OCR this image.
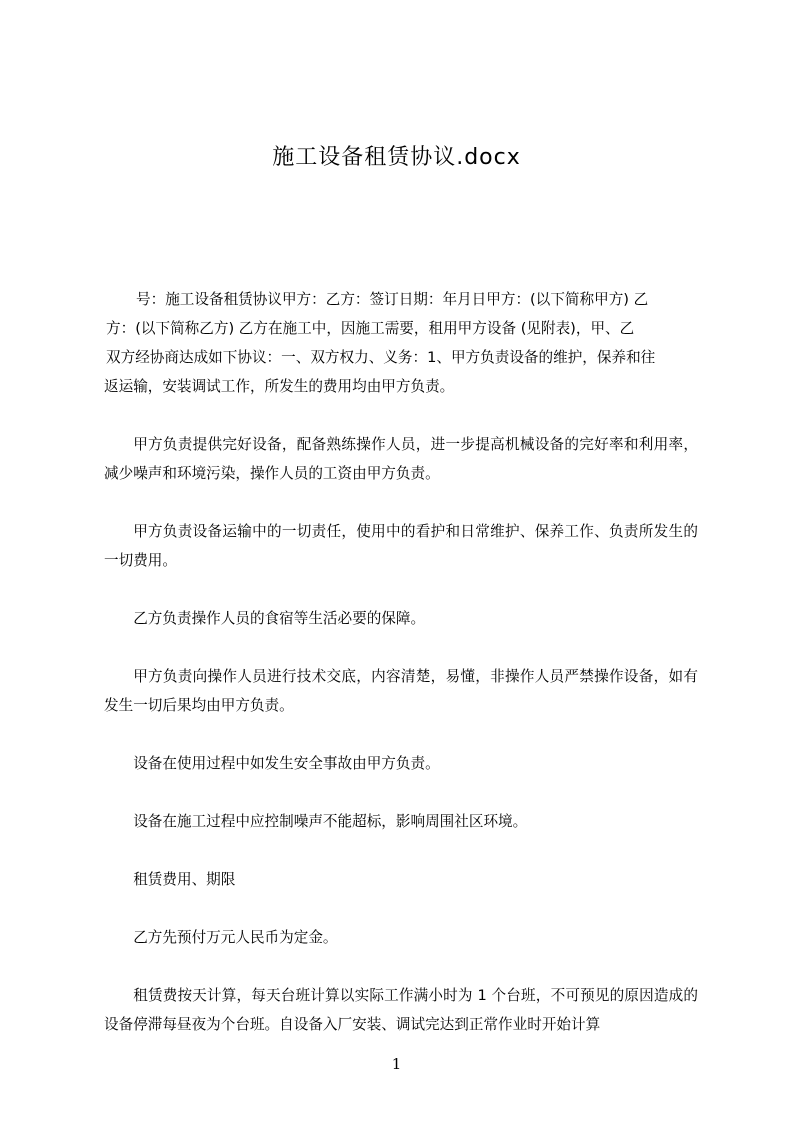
施工设备租赁协议.docx

号：施工设备租赁协议甲方：乙方：签订日期：年月日甲方：(以下简称甲方) 乙
方：(以下简称乙方) 乙方在施工中，因施工需要，租用甲方设备 (见附表)，甲、乙
双方经协商达成如下协议：一、双方权力、义务：1、甲方负责设备的维护，保养和往
返运输，安装调试工作，所发生的费用均由甲方负责。

甲方负责提供完好设备，配备熟练操作人员，进一步提高机械设备的完好率和利用率，减少噪声和环境污染，操作人员的工资由甲方负责。

甲方负责设备运输中的一切责任，使用中的看护和日常维护、保养工作、负责所发生的一切费用。

乙方负责操作人员的食宿等生活必要的保障。

甲方负责向操作人员进行技术交底，内容清楚，易懂，非操作人员严禁操作设备，如有发生一切后果均由甲方负责。

设备在使用过程中如发生安全事故由甲方负责。

设备在施工过程中应控制噪声不能超标，影响周围社区环境。

租赁费用、期限

乙方先预付万元人民币为定金。

租赁费按天计算，每天台班计算以实际工作满小时为 1 个台班，不可预见的原因造成的设备停滞每昼夜为个台班。自设备入厂安装、调试完达到正常作业时开始计算

1
